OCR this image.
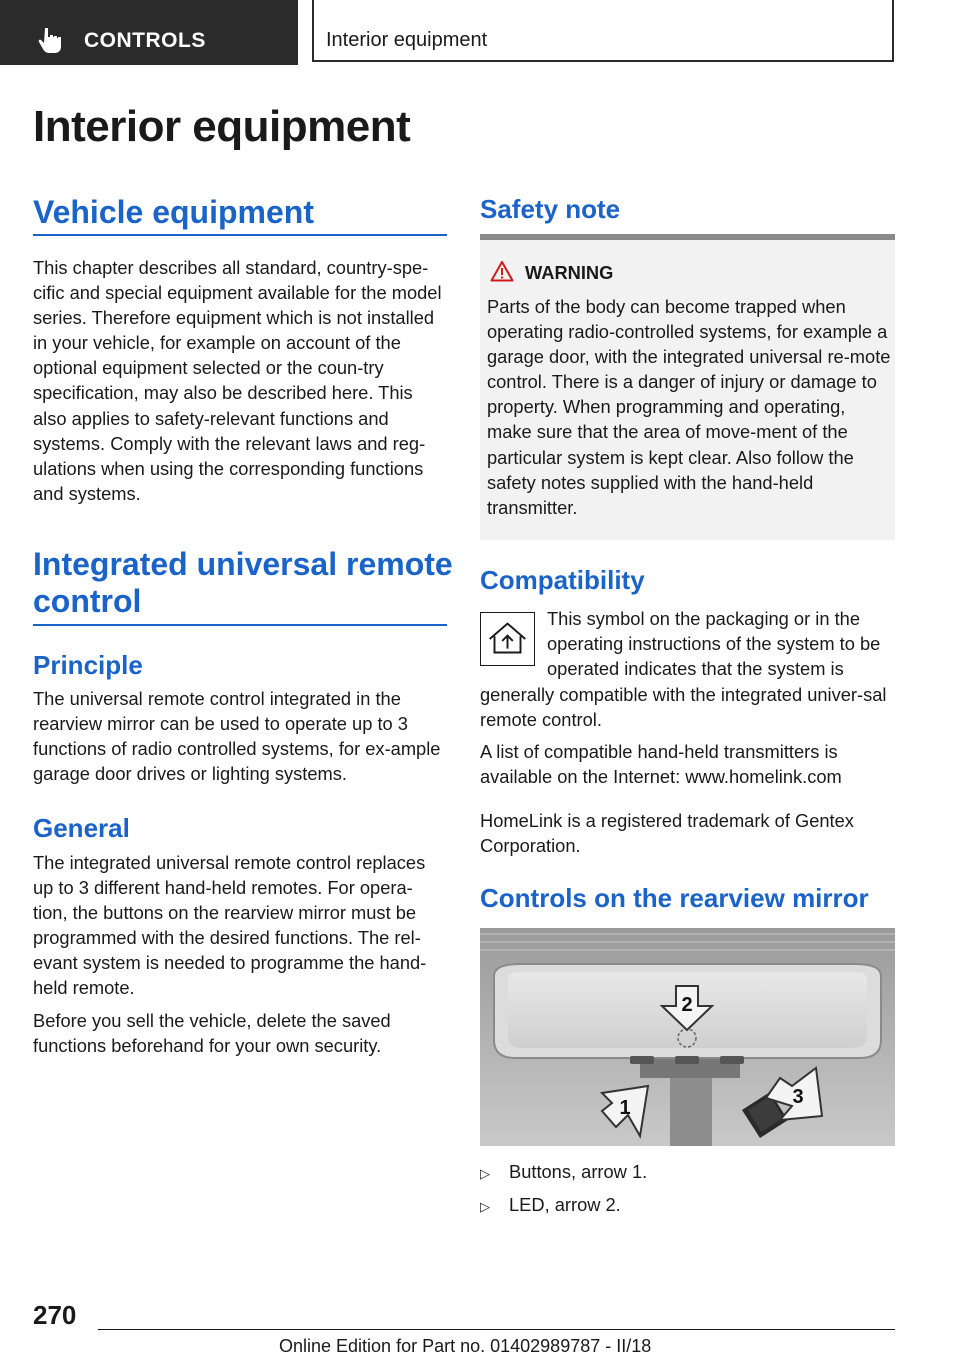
CONTROLS	Interior equipment
Interior equipment
Vehicle equipment

This chapter describes all standard, country-spe-cific and special equipment available for the model series. Therefore equipment which is not installed in your vehicle, for example on account of the optional equipment selected or the coun-try specification, may also be described here. This also applies to safety-relevant functions and systems. Comply with the relevant laws and reg-ulations when using the corresponding functions and systems.

Integrated universal remote control
Principle
The universal remote control integrated in the rearview mirror can be used to operate up to 3 functions of radio controlled systems, for ex-ample garage door drives or lighting systems.
General
The integrated universal remote control replaces up to 3 different hand-held remotes. For opera-tion, the buttons on the rearview mirror must be programmed with the desired functions. The rel-evant system is needed to programme the hand-held remote.
Before you sell the vehicle, delete the saved functions beforehand for your own security.
Safety note
WARNING
Parts of the body can become trapped when operating radio-controlled systems, for example a garage door, with the integrated universal re-mote control. There is a danger of injury or damage to property. When programming and operating, make sure that the area of move-ment of the particular system is kept clear. Also follow the safety notes supplied with the hand-held transmitter.
Compatibility
This symbol on the packaging or in the operating instructions of the system to be operated indicates that the system is
generally compatible with the integrated univer-sal remote control.
A list of compatible hand-held transmitters is available on the Internet: www.homelink.com
HomeLink is a registered trademark of Gentex Corporation.
Controls on the rearview mirror
2
1	3
▷	Buttons, arrow 1.
▷	LED, arrow 2.
270
Online Edition for Part no. 01402989787 - II/18
